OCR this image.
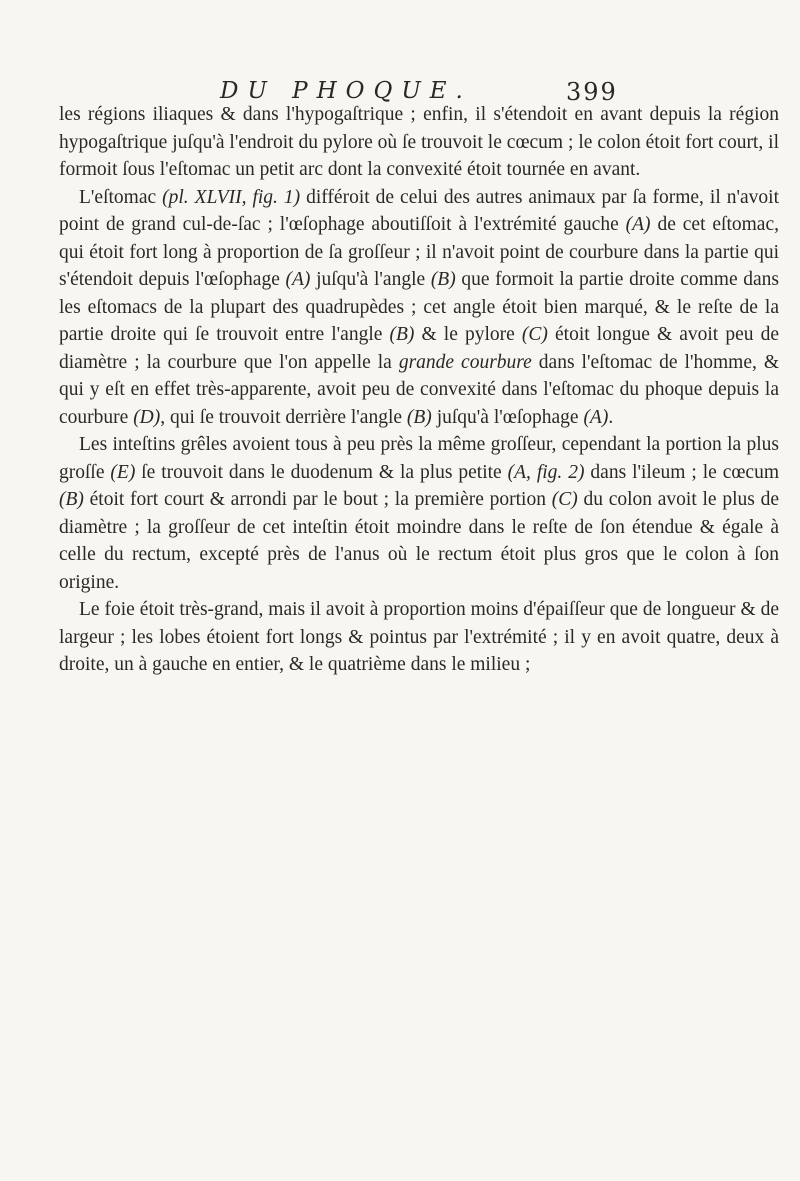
DU PHOQUE.	399

les régions iliaques & dans l'hypogaſtrique ; enfin, il s'étendoit en avant depuis la région hypogaſtrique juſqu'à l'endroit du pylore où ſe trouvoit le cœcum ; le colon étoit fort court, il formoit ſous l'eſtomac un petit arc dont la convexité étoit tournée en avant.

L'eſtomac (pl. XLVII, fig. 1) différoit de celui des autres animaux par ſa forme, il n'avoit point de grand cul-de-ſac ; l'œſophage aboutiſſoit à l'extrémité gauche (A) de cet eſtomac, qui étoit fort long à proportion de ſa groſſeur ; il n'avoit point de courbure dans la partie qui s'étendoit depuis l'œſophage (A) juſqu'à l'angle (B) que formoit la partie droite comme dans les eſtomacs de la plupart des quadrupèdes ; cet angle étoit bien marqué, & le reſte de la partie droite qui ſe trouvoit entre l'angle (B) & le pylore (C) étoit longue & avoit peu de diamètre ; la courbure que l'on appelle la grande courbure dans l'eſtomac de l'homme, & qui y eſt en effet très-apparente, avoit peu de convexité dans l'eſtomac du phoque depuis la courbure (D), qui ſe trouvoit derrière l'angle (B) juſqu'à l'œſophage (A).

Les inteſtins grêles avoient tous à peu près la même groſſeur, cependant la portion la plus groſſe (E) ſe trouvoit dans le duodenum & la plus petite (A, fig. 2) dans l'ileum ; le cœcum (B) étoit fort court & arrondi par le bout ; la première portion (C) du colon avoit le plus de diamètre ; la groſſeur de cet inteſtin étoit moindre dans le reſte de ſon étendue & égale à celle du rectum, excepté près de l'anus où le rectum étoit plus gros que le colon à ſon origine.

Le foie étoit très-grand, mais il avoit à proportion moins d'épaiſſeur que de longueur & de largeur ; les lobes étoient fort longs & pointus par l'extrémité ; il y en avoit quatre, deux à droite, un à gauche en entier, & le quatrième dans le milieu ;
